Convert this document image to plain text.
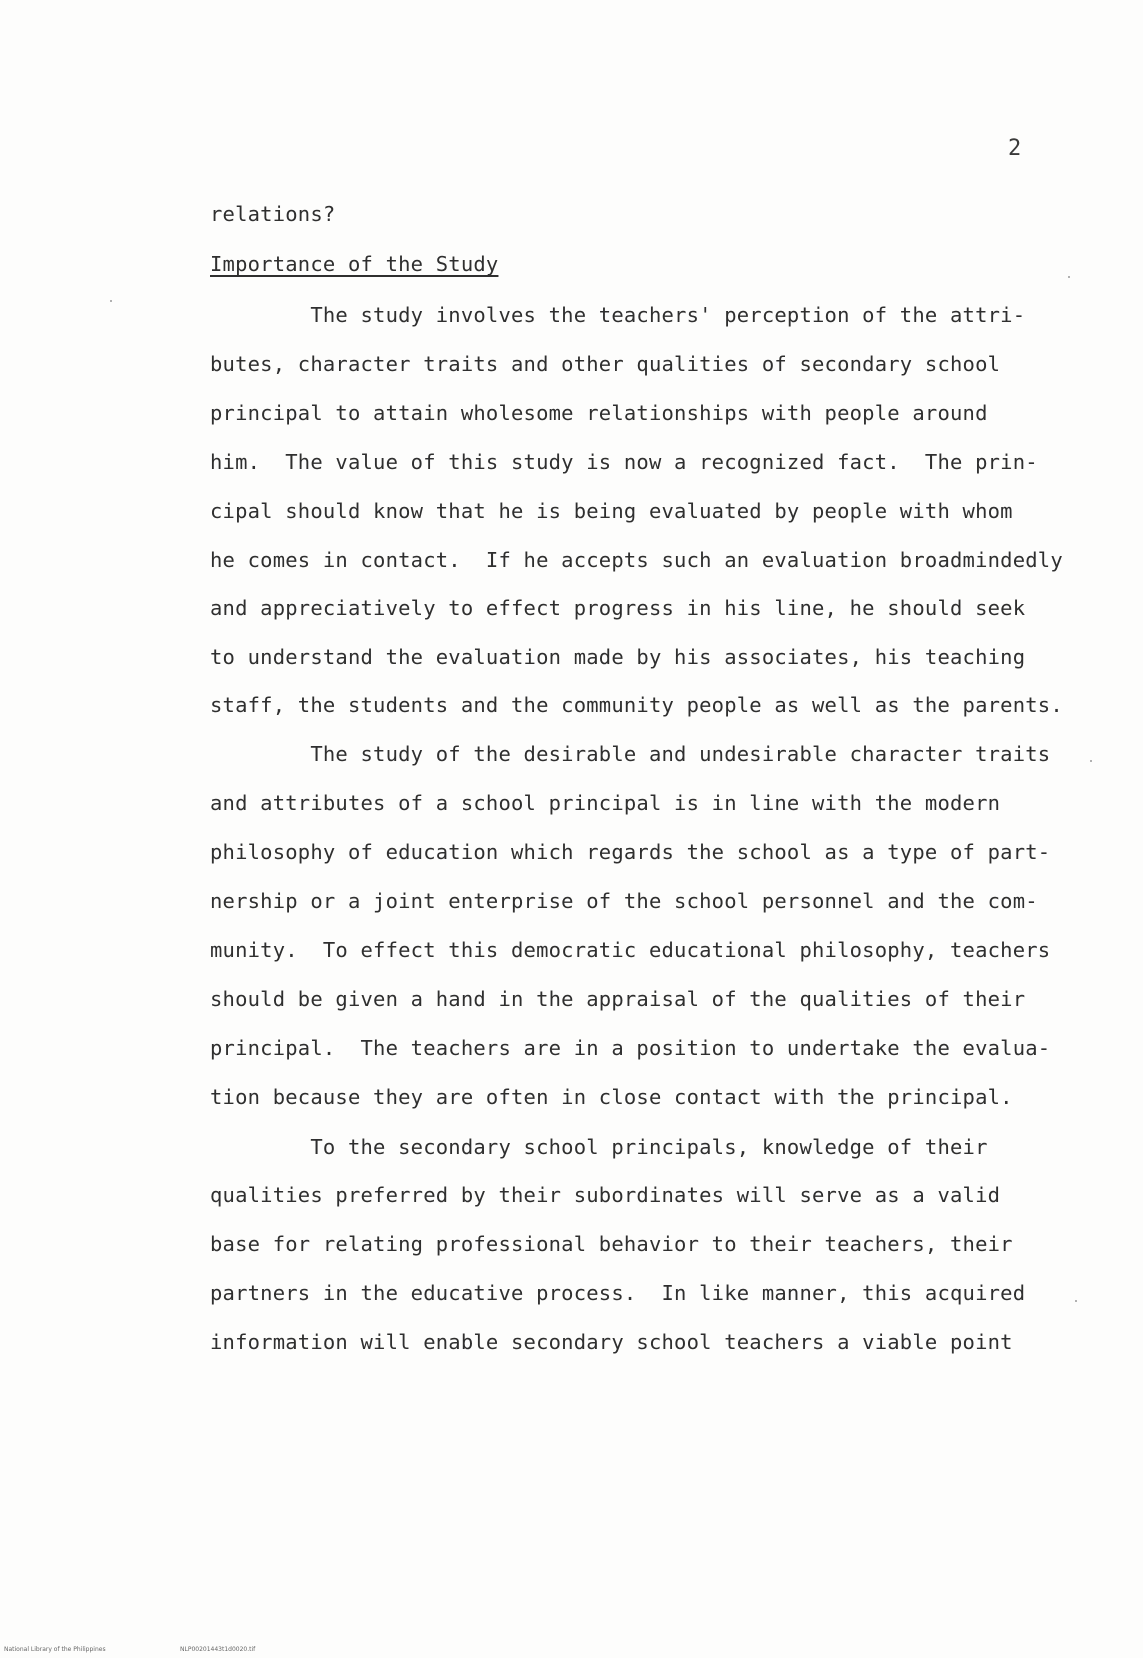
2
relations?
Importance of the Study
The study involves the teachers' perception of the attri-
butes, character traits and other qualities of secondary school
principal to attain wholesome relationships with people around
him.  The value of this study is now a recognized fact.  The prin-
cipal should know that he is being evaluated by people with whom
he comes in contact.  If he accepts such an evaluation broadmindedly
and appreciatively to effect progress in his line, he should seek
to understand the evaluation made by his associates, his teaching
staff, the students and the community people as well as the parents.
The study of the desirable and undesirable character traits
and attributes of a school principal is in line with the modern
philosophy of education which regards the school as a type of part-
nership or a joint enterprise of the school personnel and the com-
munity.  To effect this democratic educational philosophy, teachers
should be given a hand in the appraisal of the qualities of their
principal.  The teachers are in a position to undertake the evalua-
tion because they are often in close contact with the principal.
To the secondary school principals, knowledge of their
qualities preferred by their subordinates will serve as a valid
base for relating professional behavior to their teachers, their
partners in the educative process.  In like manner, this acquired
information will enable secondary school teachers a viable point
National Library of the Philippines	NLP00201443t1d0020.tif
